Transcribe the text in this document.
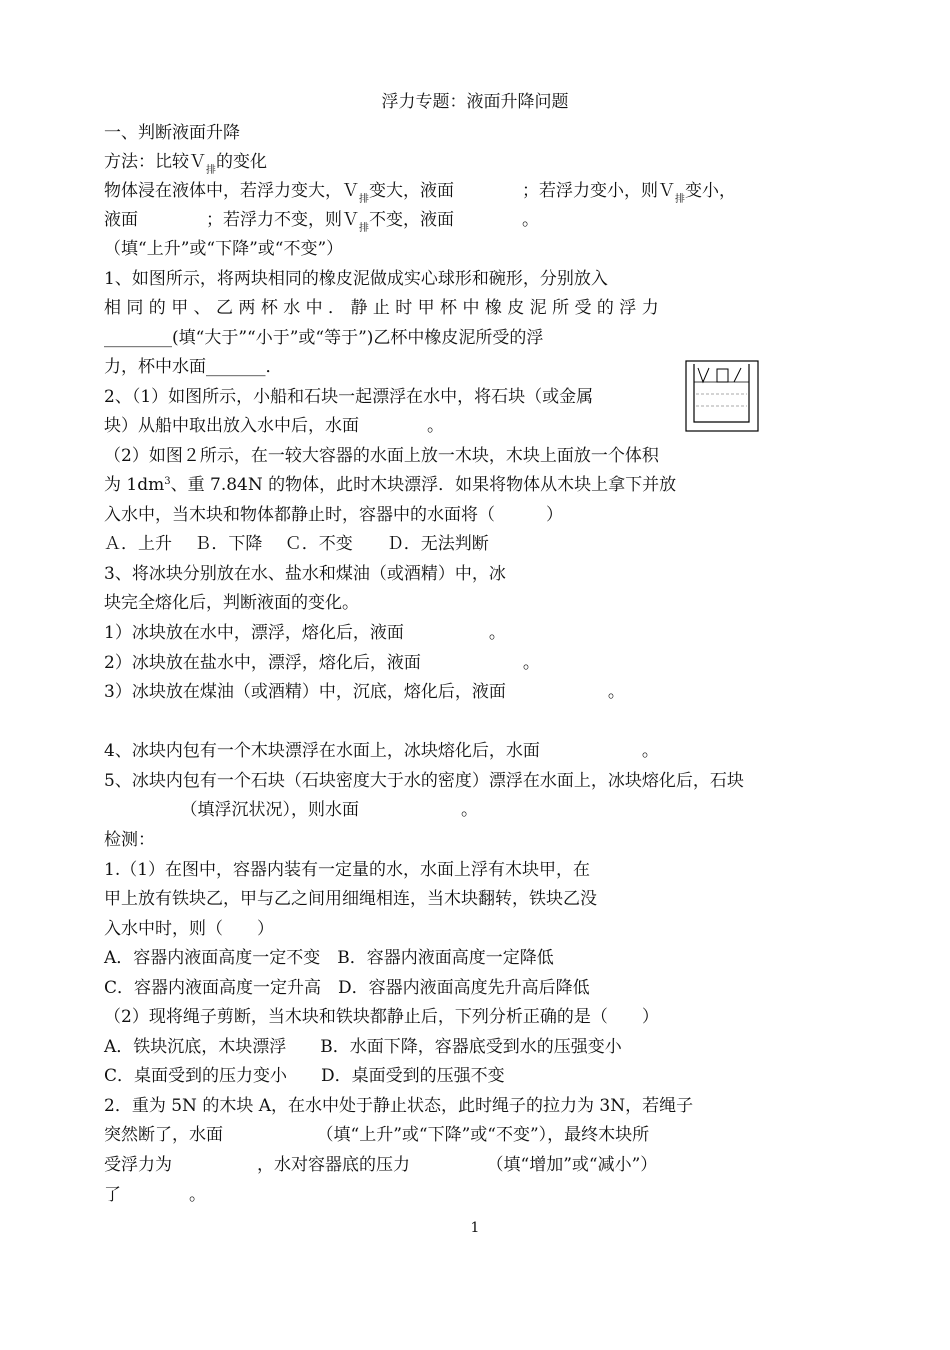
浮力专题：液面升降问题
一、判断液面升降
方法：比较Ｖ$_排$的变化
物体浸在液体中，若浮力变大，Ｖ$_排$变大，液面　　　　；若浮力变小，则Ｖ$_排$变小，
液面　　　　；若浮力不变，则Ｖ$_排$不变，液面　　　　。
（填“上升”或“下降”或“不变”）
1、如图所示，将两块相同的橡皮泥做成实心球形和碗形，分别放入
相 同 的 甲 、 乙 两 杯 水 中 ． 静 止 时 甲 杯 中 橡 皮 泥 所 受 的 浮 力
________(填“大于”“小于”或“等于”)乙杯中橡皮泥所受的浮
力，杯中水面_______．
2、（1）如图所示，小船和石块一起漂浮在水中，将石块（或金属
块）从船中取出放入水中后，水面　　　　。
（2）如图２所示，在一较大容器的水面上放一木块，木块上面放一个体积
为 $1dm^3$、重 7.84N 的物体，此时木块漂浮．如果将物体从木块上拿下并放
入水中，当木块和物体都静止时，容器中的水面将（　　　）
Ａ．上升　 Ｂ．下降　 Ｃ．不变　　Ｄ．无法判断
3、将冰块分别放在水、盐水和煤油（或酒精）中，冰
块完全熔化后，判断液面的变化。
1）冰块放在水中，漂浮，熔化后，液面　　　　　。
2）冰块放在盐水中，漂浮，熔化后，液面　　　　　　。
3）冰块放在煤油（或酒精）中，沉底，熔化后，液面　　　　　　。
4、冰块内包有一个木块漂浮在水面上，冰块熔化后，水面　　　　　　。
5、冰块内包有一个石块（石块密度大于水的密度）漂浮在水面上，冰块熔化后，石块
　　　　　（填浮沉状况），则水面　　　　　　。
检测：
1.（1）在图中，容器内装有一定量的水，水面上浮有木块甲，在
甲上放有铁块乙，甲与乙之间用细绳相连，当木块翻转，铁块乙没
入水中时，则（　　）
A．容器内液面高度一定不变　B．容器内液面高度一定降低
C．容器内液面高度一定升高　D．容器内液面高度先升高后降低
（2）现将绳子剪断，当木块和铁块都静止后，下列分析正确的是（　　）
A．铁块沉底，木块漂浮　　B．水面下降，容器底受到水的压强变小
C．桌面受到的压力变小　　D．桌面受到的压强不变
2．重为 5N 的木块 A，在水中处于静止状态，此时绳子的拉力为 3N，若绳子
突然断了，水面　　　　　　（填“上升”或“下降”或“不变”），最终木块所
受浮力为　　　　　，水对容器底的压力　　　　　（填“增加”或“减小”）
了　　　　。
1
